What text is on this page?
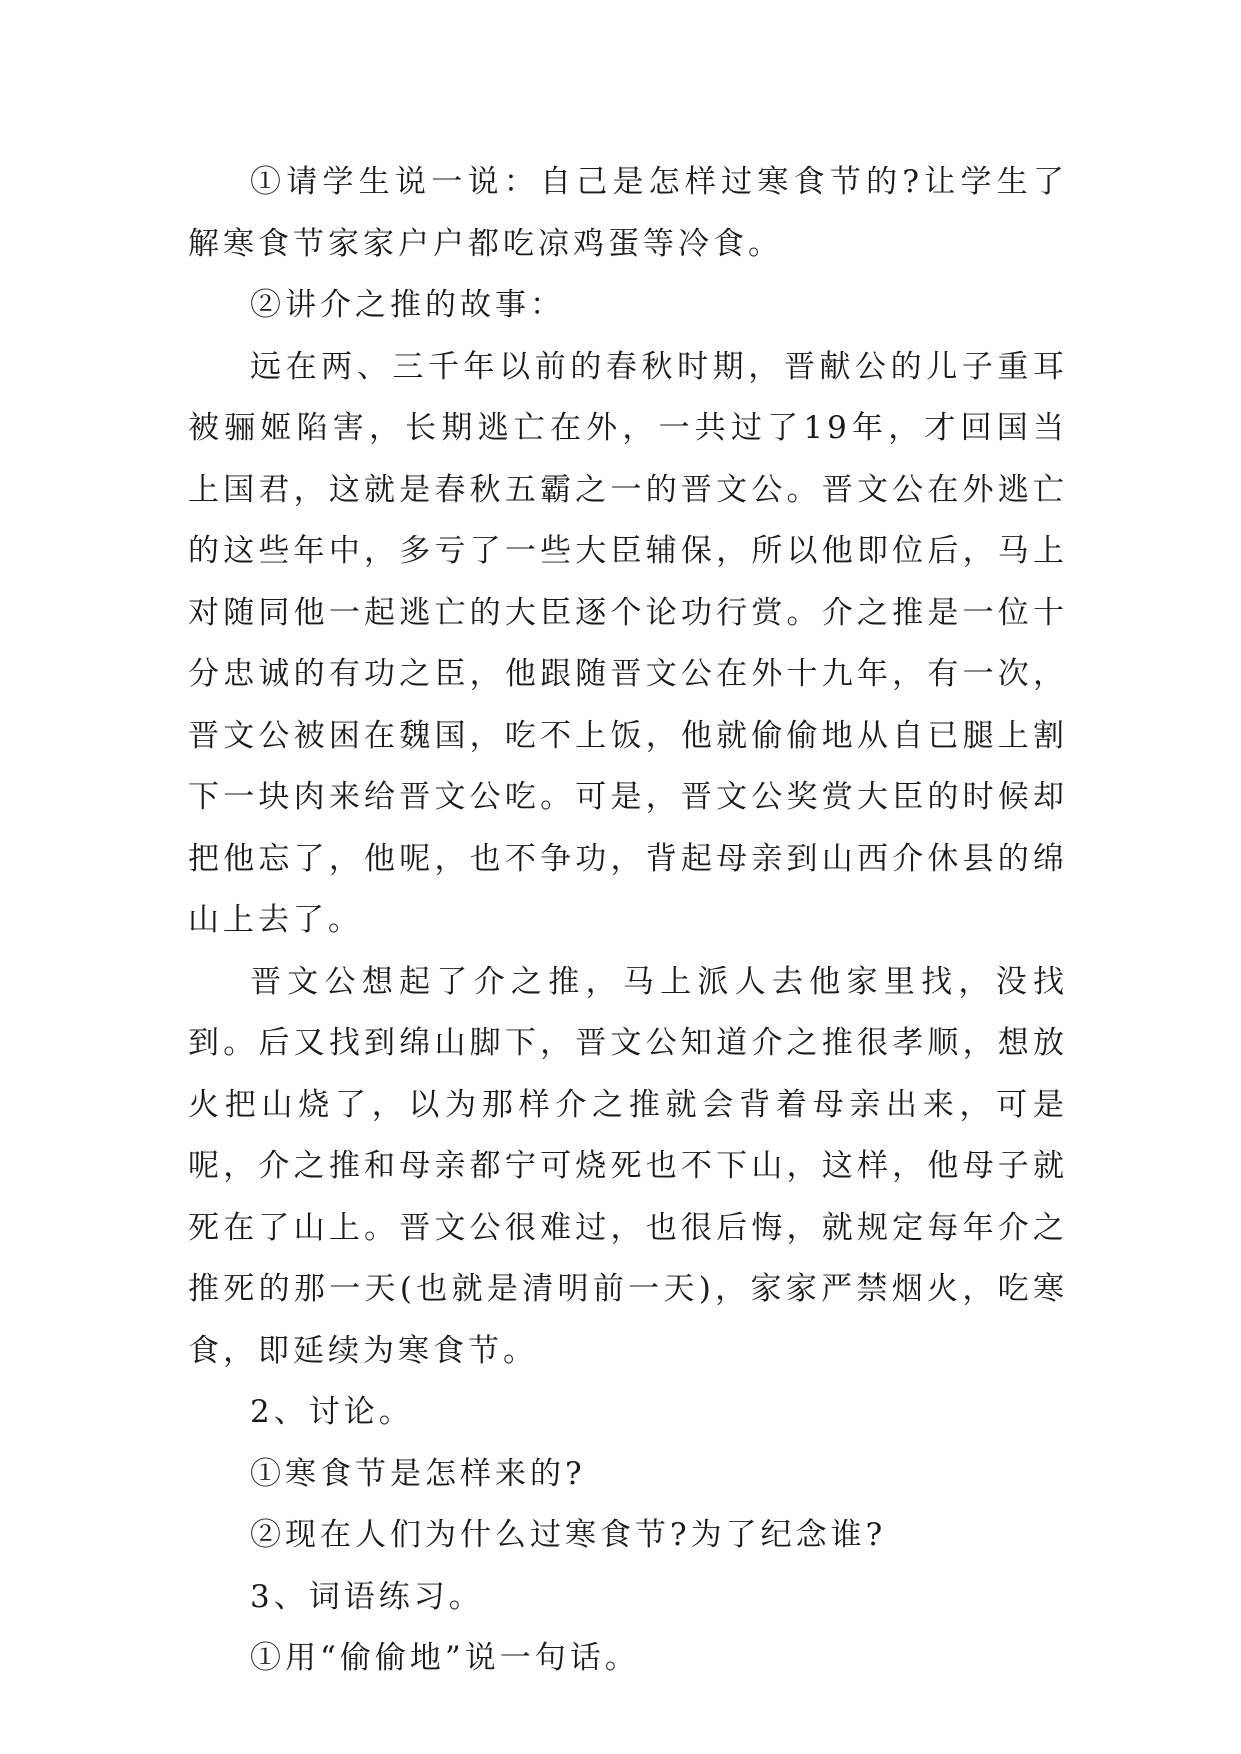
①请学生说一说：自己是怎样过寒食节的?让学生了解寒食节家家户户都吃凉鸡蛋等冷食。

②讲介之推的故事：

远在两、三千年以前的春秋时期，晋献公的儿子重耳被骊姬陷害，长期逃亡在外，一共过了19年，才回国当上国君，这就是春秋五霸之一的晋文公。晋文公在外逃亡的这些年中，多亏了一些大臣辅保，所以他即位后，马上对随同他一起逃亡的大臣逐个论功行赏。介之推是一位十分忠诚的有功之臣，他跟随晋文公在外十九年，有一次，晋文公被困在魏国，吃不上饭，他就偷偷地从自已腿上割下一块肉来给晋文公吃。可是，晋文公奖赏大臣的时候却把他忘了，他呢，也不争功，背起母亲到山西介休县的绵山上去了。

晋文公想起了介之推，马上派人去他家里找，没找到。后又找到绵山脚下，晋文公知道介之推很孝顺，想放火把山烧了，以为那样介之推就会背着母亲出来，可是呢，介之推和母亲都宁可烧死也不下山，这样，他母子就死在了山上。晋文公很难过，也很后悔，就规定每年介之推死的那一天(也就是清明前一天)，家家严禁烟火，吃寒食，即延续为寒食节。

2、讨论。

①寒食节是怎样来的?

②现在人们为什么过寒食节?为了纪念谁?

3、词语练习。

①用“偷偷地”说一句话。
